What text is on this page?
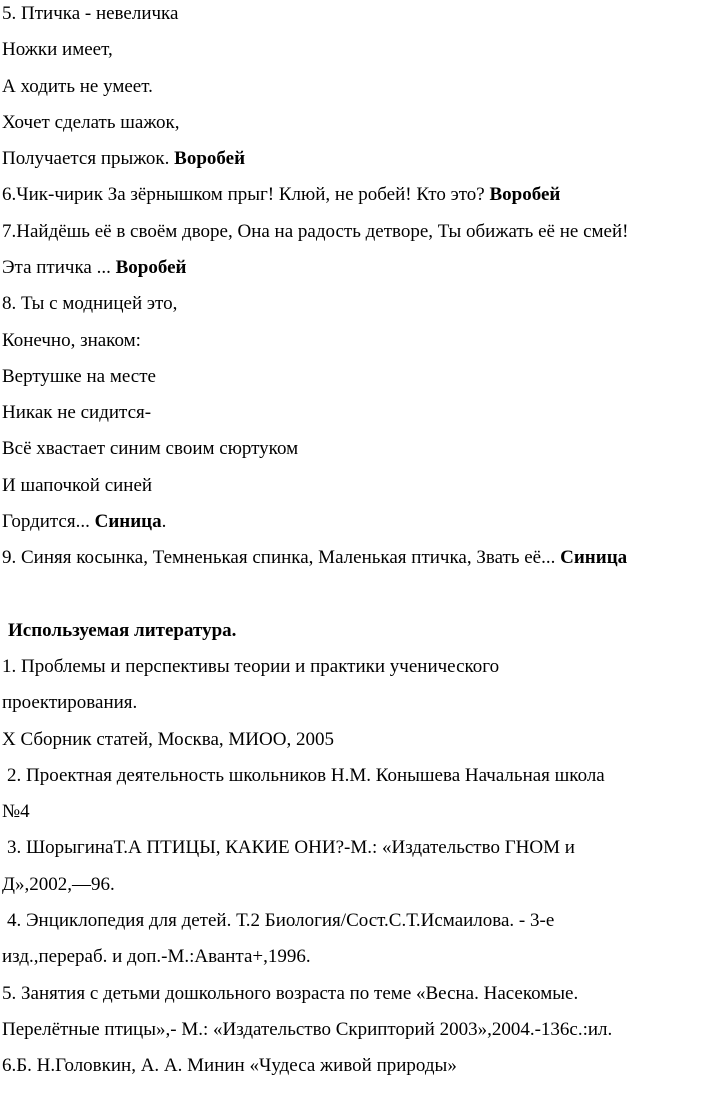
5. Птичка - невеличка
Ножки имеет,
А ходить не умеет.
Хочет сделать шажок,
Получается прыжок. Воробей
6.Чик-чирик За зёрнышком прыг! Клюй, не робей! Кто это? Воробей
7.Найдёшь её в своём дворе, Она на радость детворе, Ты обижать её не смей!
Эта птичка ... Воробей
8. Ты с модницей это,
Конечно, знаком:
Вертушке на месте
Никак не сидится-
Всё хвастает синим своим сюртуком
И шапочкой синей
Гордится... Синица.
9. Синяя косынка, Темненькая спинка, Маленькая птичка, Звать её... Синица
Используемая литература.
1. Проблемы и перспективы теории и практики ученического
проектирования.
Х Сборник статей, Москва, МИОО, 2005
2. Проектная деятельность школьников Н.М. Конышева Начальная школа
№4
3. ШорыгинаТ.А ПТИЦЫ, КАКИЕ ОНИ?-М.: «Издательство ГНОМ и
Д»,2002,—96.
4. Энциклопедия для детей. Т.2 Биология/Сост.С.Т.Исмаилова. - 3-е
изд.,перераб. и доп.-М.:Аванта+,1996.
5. Занятия с детьми дошкольного возраста по теме «Весна. Насекомые.
Перелётные птицы»,- М.: «Издательство Скрипторий 2003»,2004.-136с.:ил.
6.Б. Н.Головкин, А. А. Минин «Чудеса живой природы»
